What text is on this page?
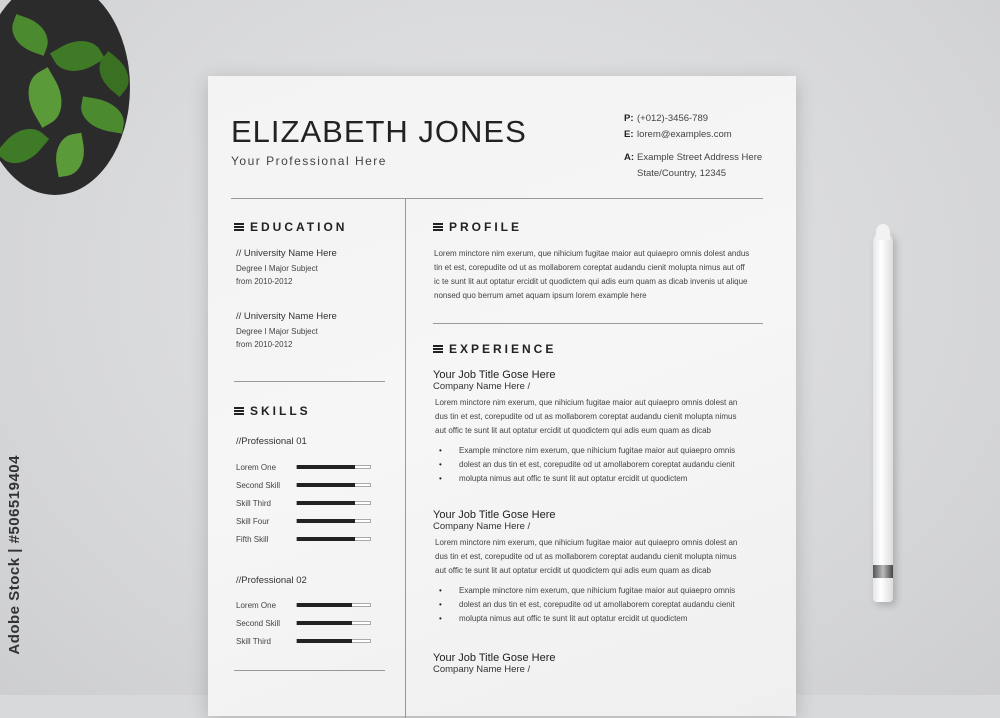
Adobe Stock | #506519404
ELIZABETH JONES
Your Professional Here
P: (+012)-3456-789
E: lorem@examples.com
A: Example Street Address Here
State/Country, 12345
EDUCATION
// University Name Here
Degree I Major Subject
from 2010-2012
// University Name Here
Degree I Major Subject
from 2010-2012
SKILLS
//Professional 01
Lorem One
Second Skill
Skill Third
Skill Four
Fifth Skill
//Professional 02
Lorem One
Second Skill
Skill Third
PROFILE
Lorem minctore nim exerum, que nihicium fugitae maior aut quiaepro omnis dolest andus
tin et est, corepudite od ut as mollaborem coreptat audandu cienit molupta nimus aut off
ic te sunt lit aut optatur ercidit ut quodictem qui adis eum quam as dicab invenis ut alique
nonsed quo berrum amet aquam ipsum lorem example here
EXPERIENCE
Your Job Title Gose Here
Company Name Here /
Lorem minctore nim exerum, que nihicium fugitae maior aut quiaepro omnis dolest an
dus tin et est, corepudite od ut as mollaborem coreptat audandu cienit molupta nimus
aut offic te sunt lit aut optatur ercidit ut quodictem qui adis eum quam as dicab
• Example minctore nim exerum, que nihicium fugitae maior aut quiaepro omnis
• dolest an dus tin et est, corepudite od ut amollaborem coreptat audandu cienit
• molupta nimus aut offic te sunt lit aut optatur ercidit ut quodictem
Your Job Title Gose Here
Company Name Here /
Lorem minctore nim exerum, que nihicium fugitae maior aut quiaepro omnis dolest an
dus tin et est, corepudite od ut as mollaborem coreptat audandu cienit molupta nimus
aut offic te sunt lit aut optatur ercidit ut quodictem qui adis eum quam as dicab
• Example minctore nim exerum, que nihicium fugitae maior aut quiaepro omnis
• dolest an dus tin et est, corepudite od ut amollaborem coreptat audandu cienit
• molupta nimus aut offic te sunt lit aut optatur ercidit ut quodictem
Your Job Title Gose Here
Company Name Here /
